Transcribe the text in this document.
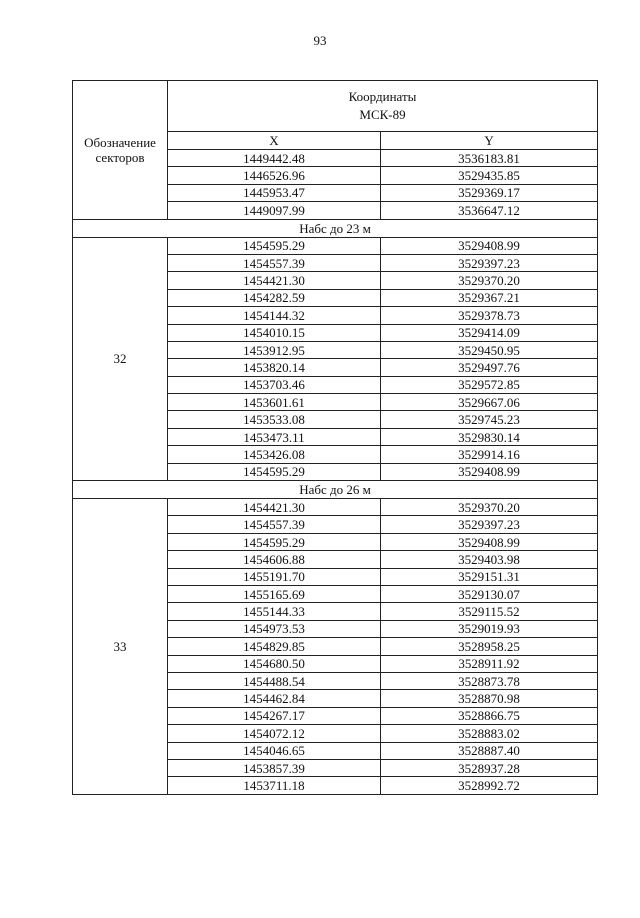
93
Обозначение
секторов	Координаты
МСК-89	

	X	Y
	1449442.48	3536183.81
	1446526.96	3529435.85
	1445953.47	3529369.17
	1449097.99	3536647.12
Набс до 23 м		
32	1454595.29	3529408.99
	1454557.39	3529397.23
	1454421.30	3529370.20
	1454282.59	3529367.21
	1454144.32	3529378.73
	1454010.15	3529414.09
	1453912.95	3529450.95
	1453820.14	3529497.76
	1453703.46	3529572.85
	1453601.61	3529667.06
	1453533.08	3529745.23
	1453473.11	3529830.14
	1453426.08	3529914.16
	1454595.29	3529408.99
Набс до 26 м		
33	1454421.30	3529370.20
	1454557.39	3529397.23
	1454595.29	3529408.99
	1454606.88	3529403.98
	1455191.70	3529151.31
	1455165.69	3529130.07
	1455144.33	3529115.52
	1454973.53	3529019.93
	1454829.85	3528958.25
	1454680.50	3528911.92
	1454488.54	3528873.78
	1454462.84	3528870.98
	1454267.17	3528866.75
	1454072.12	3528883.02
	1454046.65	3528887.40
	1453857.39	3528937.28
	1453711.18	3528992.72
